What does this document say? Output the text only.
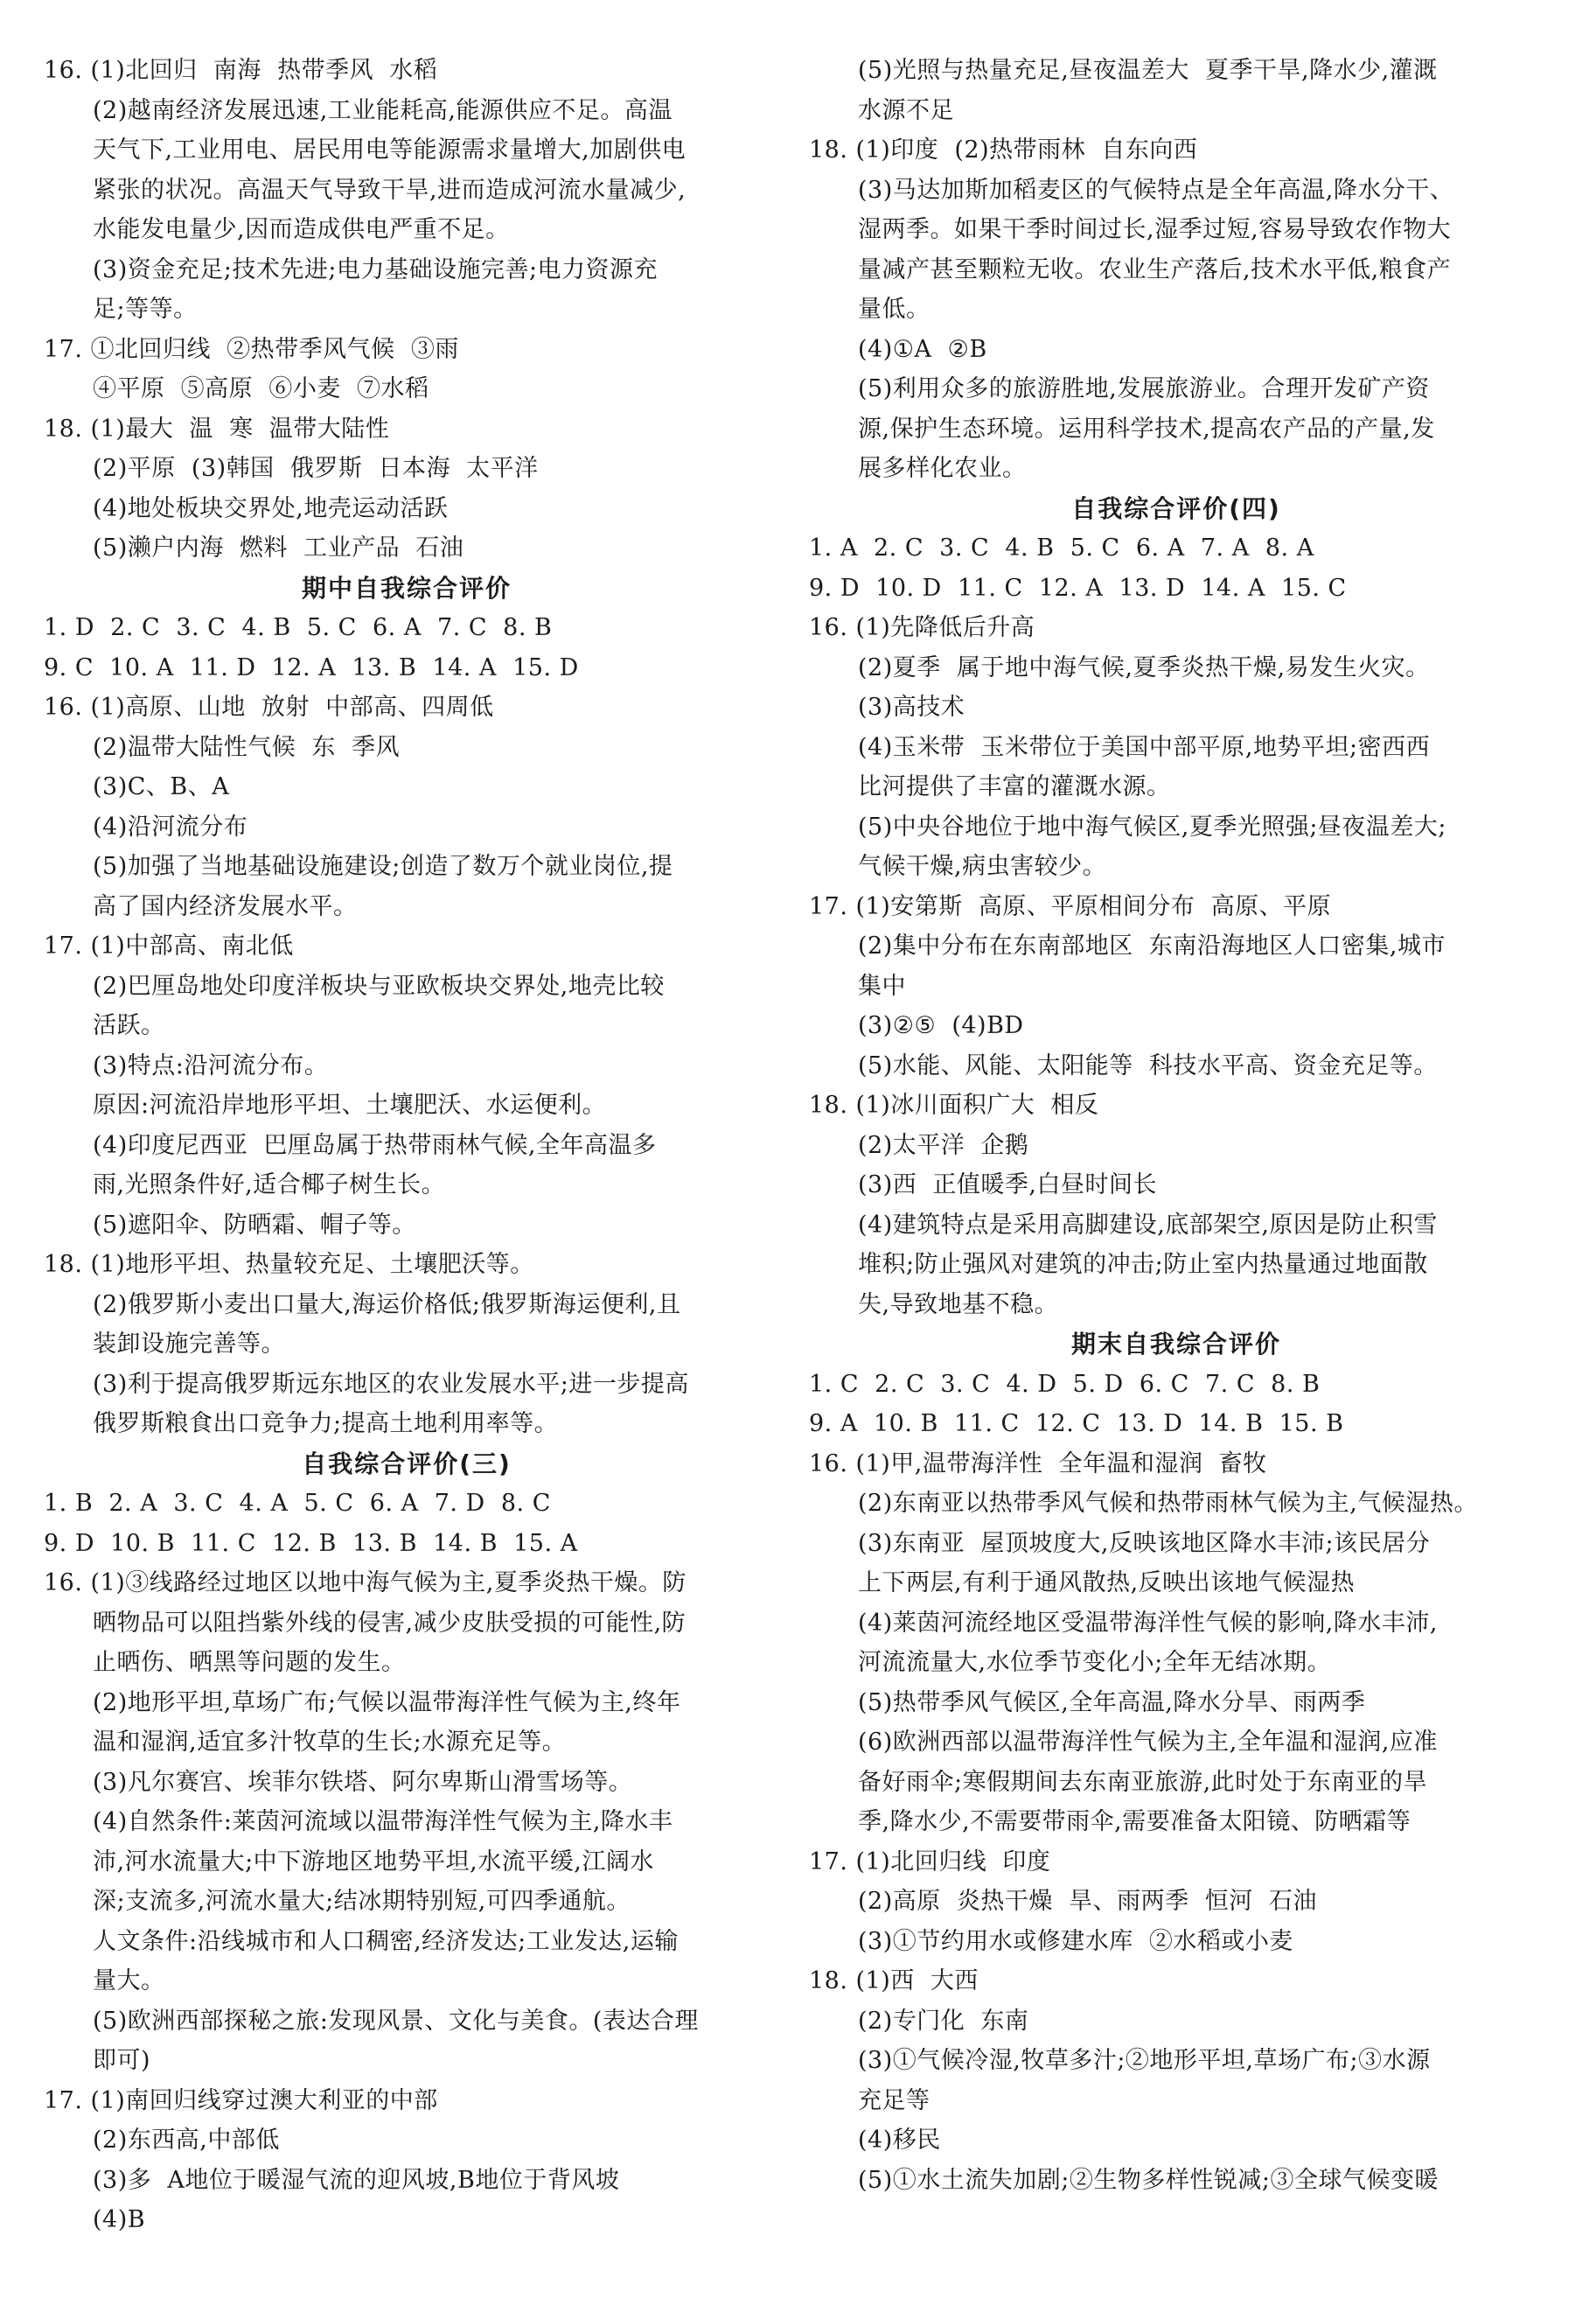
16. (1)北回归  南海  热带季风  水稻
(2)越南经济发展迅速,工业能耗高,能源供应不足。高温
天气下,工业用电、居民用电等能源需求量增大,加剧供电
紧张的状况。高温天气导致干旱,进而造成河流水量减少,
水能发电量少,因而造成供电严重不足。
(3)资金充足;技术先进;电力基础设施完善;电力资源充
足;等等。
17. ①北回归线  ②热带季风气候  ③雨
④平原  ⑤高原  ⑥小麦  ⑦水稻
18. (1)最大  温  寒  温带大陆性
(2)平原  (3)韩国  俄罗斯  日本海  太平洋
(4)地处板块交界处,地壳运动活跃
(5)濑户内海  燃料  工业产品  石油
期中自我综合评价
1. D  2. C  3. C  4. B  5. C  6. A  7. C  8. B
9. C  10. A  11. D  12. A  13. B  14. A  15. D
16. (1)高原、山地  放射  中部高、四周低
(2)温带大陆性气候  东  季风
(3)C、B、A
(4)沿河流分布
(5)加强了当地基础设施建设;创造了数万个就业岗位,提
高了国内经济发展水平。
17. (1)中部高、南北低
(2)巴厘岛地处印度洋板块与亚欧板块交界处,地壳比较
活跃。
(3)特点:沿河流分布。
原因:河流沿岸地形平坦、土壤肥沃、水运便利。
(4)印度尼西亚  巴厘岛属于热带雨林气候,全年高温多
雨,光照条件好,适合椰子树生长。
(5)遮阳伞、防晒霜、帽子等。
18. (1)地形平坦、热量较充足、土壤肥沃等。
(2)俄罗斯小麦出口量大,海运价格低;俄罗斯海运便利,且
装卸设施完善等。
(3)利于提高俄罗斯远东地区的农业发展水平;进一步提高
俄罗斯粮食出口竞争力;提高土地利用率等。
自我综合评价(三)
1. B  2. A  3. C  4. A  5. C  6. A  7. D  8. C
9. D  10. B  11. C  12. B  13. B  14. B  15. A
16. (1)③线路经过地区以地中海气候为主,夏季炎热干燥。防
晒物品可以阻挡紫外线的侵害,减少皮肤受损的可能性,防
止晒伤、晒黑等问题的发生。
(2)地形平坦,草场广布;气候以温带海洋性气候为主,终年
温和湿润,适宜多汁牧草的生长;水源充足等。
(3)凡尔赛宫、埃菲尔铁塔、阿尔卑斯山滑雪场等。
(4)自然条件:莱茵河流域以温带海洋性气候为主,降水丰
沛,河水流量大;中下游地区地势平坦,水流平缓,江阔水
深;支流多,河流水量大;结冰期特别短,可四季通航。
人文条件:沿线城市和人口稠密,经济发达;工业发达,运输
量大。
(5)欧洲西部探秘之旅:发现风景、文化与美食。(表达合理
即可)
17. (1)南回归线穿过澳大利亚的中部
(2)东西高,中部低
(3)多  A地位于暖湿气流的迎风坡,B地位于背风坡
(4)B
(5)光照与热量充足,昼夜温差大  夏季干旱,降水少,灌溉
水源不足
18. (1)印度  (2)热带雨林  自东向西
(3)马达加斯加稻麦区的气候特点是全年高温,降水分干、
湿两季。如果干季时间过长,湿季过短,容易导致农作物大
量减产甚至颗粒无收。农业生产落后,技术水平低,粮食产
量低。
(4)①A  ②B
(5)利用众多的旅游胜地,发展旅游业。合理开发矿产资
源,保护生态环境。运用科学技术,提高农产品的产量,发
展多样化农业。
自我综合评价(四)
1. A  2. C  3. C  4. B  5. C  6. A  7. A  8. A
9. D  10. D  11. C  12. A  13. D  14. A  15. C
16. (1)先降低后升高
(2)夏季  属于地中海气候,夏季炎热干燥,易发生火灾。
(3)高技术
(4)玉米带  玉米带位于美国中部平原,地势平坦;密西西
比河提供了丰富的灌溉水源。
(5)中央谷地位于地中海气候区,夏季光照强;昼夜温差大;
气候干燥,病虫害较少。
17. (1)安第斯  高原、平原相间分布  高原、平原
(2)集中分布在东南部地区  东南沿海地区人口密集,城市
集中
(3)②⑤  (4)BD
(5)水能、风能、太阳能等  科技水平高、资金充足等。
18. (1)冰川面积广大  相反
(2)太平洋  企鹅
(3)西  正值暖季,白昼时间长
(4)建筑特点是采用高脚建设,底部架空,原因是防止积雪
堆积;防止强风对建筑的冲击;防止室内热量通过地面散
失,导致地基不稳。
期末自我综合评价
1. C  2. C  3. C  4. D  5. D  6. C  7. C  8. B
9. A  10. B  11. C  12. C  13. D  14. B  15. B
16. (1)甲,温带海洋性  全年温和湿润  畜牧
(2)东南亚以热带季风气候和热带雨林气候为主,气候湿热。
(3)东南亚  屋顶坡度大,反映该地区降水丰沛;该民居分
上下两层,有利于通风散热,反映出该地气候湿热
(4)莱茵河流经地区受温带海洋性气候的影响,降水丰沛,
河流流量大,水位季节变化小;全年无结冰期。
(5)热带季风气候区,全年高温,降水分旱、雨两季
(6)欧洲西部以温带海洋性气候为主,全年温和湿润,应准
备好雨伞;寒假期间去东南亚旅游,此时处于东南亚的旱
季,降水少,不需要带雨伞,需要准备太阳镜、防晒霜等
17. (1)北回归线  印度
(2)高原  炎热干燥  旱、雨两季  恒河  石油
(3)①节约用水或修建水库  ②水稻或小麦
18. (1)西  大西
(2)专门化  东南
(3)①气候冷湿,牧草多汁;②地形平坦,草场广布;③水源
充足等
(4)移民
(5)①水土流失加剧;②生物多样性锐减;③全球气候变暖
